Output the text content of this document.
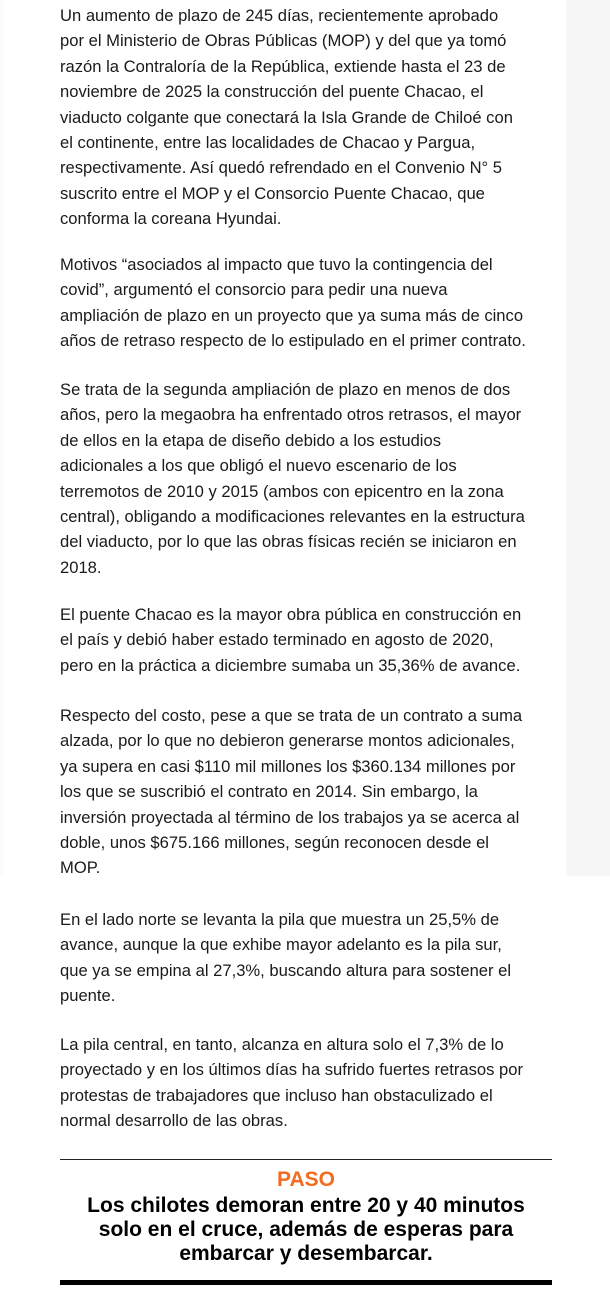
Un aumento de plazo de 245 días, recientemente aprobado
por el Ministerio de Obras Públicas (MOP) y del que ya tomó
razón la Contraloría de la República, extiende hasta el 23 de
noviembre de 2025 la construcción del puente Chacao, el
viaducto colgante que conectará la Isla Grande de Chiloé con
el continente, entre las localidades de Chacao y Pargua,
respectivamente. Así quedó refrendado en el Convenio N° 5
suscrito entre el MOP y el Consorcio Puente Chacao, que
conforma la coreana Hyundai.

Motivos “asociados al impacto que tuvo la contingencia del
covid”, argumentó el consorcio para pedir una nueva
ampliación de plazo en un proyecto que ya suma más de cinco
años de retraso respecto de lo estipulado en el primer contrato.

Se trata de la segunda ampliación de plazo en menos de dos
años, pero la megaobra ha enfrentado otros retrasos, el mayor
de ellos en la etapa de diseño debido a los estudios
adicionales a los que obligó el nuevo escenario de los
terremotos de 2010 y 2015 (ambos con epicentro en la zona
central), obligando a modificaciones relevantes en la estructura
del viaducto, por lo que las obras físicas recién se iniciaron en
2018.

El puente Chacao es la mayor obra pública en construcción en
el país y debió haber estado terminado en agosto de 2020,
pero en la práctica a diciembre sumaba un 35,36% de avance.

Respecto del costo, pese a que se trata de un contrato a suma
alzada, por lo que no debieron generarse montos adicionales,
ya supera en casi $110 mil millones los $360.134 millones por
los que se suscribió el contrato en 2014. Sin embargo, la
inversión proyectada al término de los trabajos ya se acerca al
doble, unos $675.166 millones, según reconocen desde el
MOP.

En el lado norte se levanta la pila que muestra un 25,5% de
avance, aunque la que exhibe mayor adelanto es la pila sur,
que ya se empina al 27,3%, buscando altura para sostener el
puente.

La pila central, en tanto, alcanza en altura solo el 7,3% de lo
proyectado y en los últimos días ha sufrido fuertes retrasos por
protestas de trabajadores que incluso han obstaculizado el
normal desarrollo de las obras.

PASO

Los chilotes demoran entre 20 y 40 minutos
solo en el cruce, además de esperas para
embarcar y desembarcar.
